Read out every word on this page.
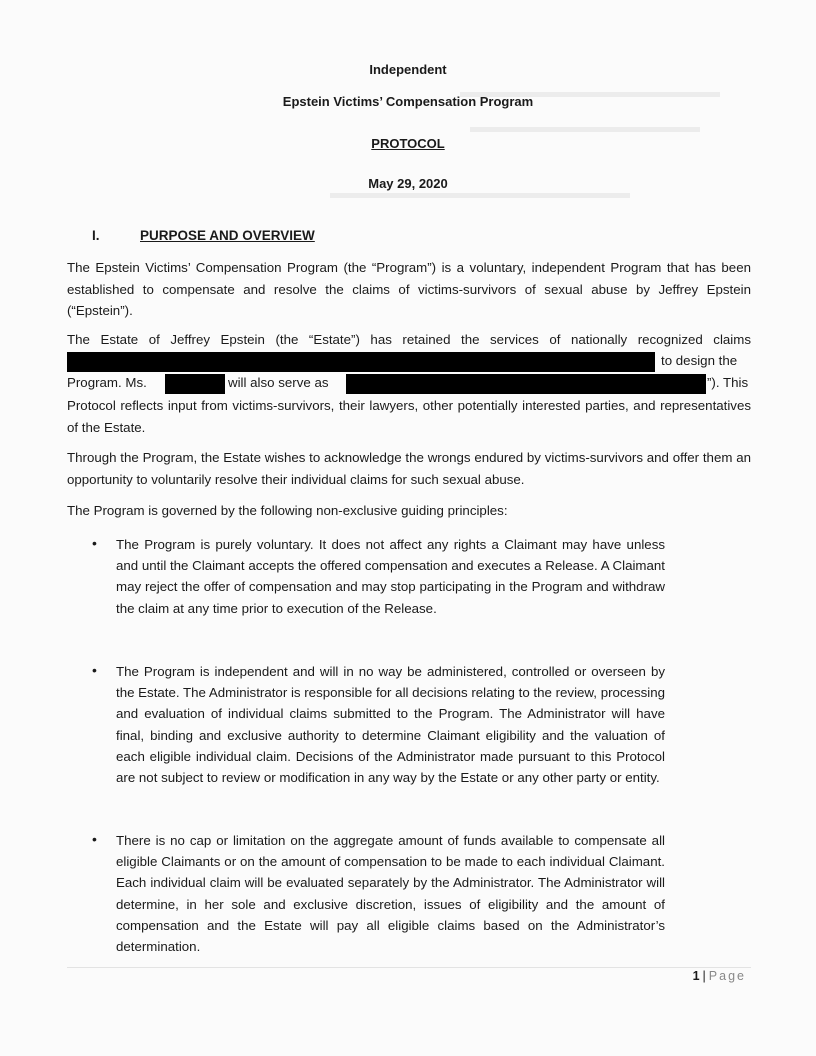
Independent
Epstein Victims’ Compensation Program
PROTOCOL
May 29, 2020
I.	PURPOSE AND OVERVIEW
The Epstein Victims’ Compensation Program (the “Program”) is a voluntary, independent Program that has been established to compensate and resolve the claims of victims-survivors of sexual abuse by Jeffrey Epstein (“Epstein”).
The Estate of Jeffrey Epstein (the “Estate”) has retained the services of nationally recognized claims
to design the
Program. Ms.	will also serve as	”). This
Protocol reflects input from victims-survivors, their lawyers, other potentially interested parties, and representatives of the Estate.
Through the Program, the Estate wishes to acknowledge the wrongs endured by victims-survivors and offer them an opportunity to voluntarily resolve their individual claims for such sexual abuse.
The Program is governed by the following non-exclusive guiding principles:
• The Program is purely voluntary. It does not affect any rights a Claimant may have unless and until the Claimant accepts the offered compensation and executes a Release. A Claimant may reject the offer of compensation and may stop participating in the Program and withdraw the claim at any time prior to execution of the Release.
• The Program is independent and will in no way be administered, controlled or overseen by the Estate. The Administrator is responsible for all decisions relating to the review, processing and evaluation of individual claims submitted to the Program. The Administrator will have final, binding and exclusive authority to determine Claimant eligibility and the valuation of each eligible individual claim. Decisions of the Administrator made pursuant to this Protocol are not subject to review or modification in any way by the Estate or any other party or entity.
• There is no cap or limitation on the aggregate amount of funds available to compensate all eligible Claimants or on the amount of compensation to be made to each individual Claimant. Each individual claim will be evaluated separately by the Administrator. The Administrator will determine, in her sole and exclusive discretion, issues of eligibility and the amount of compensation and the Estate will pay all eligible claims based on the Administrator’s determination.
1 | Page
